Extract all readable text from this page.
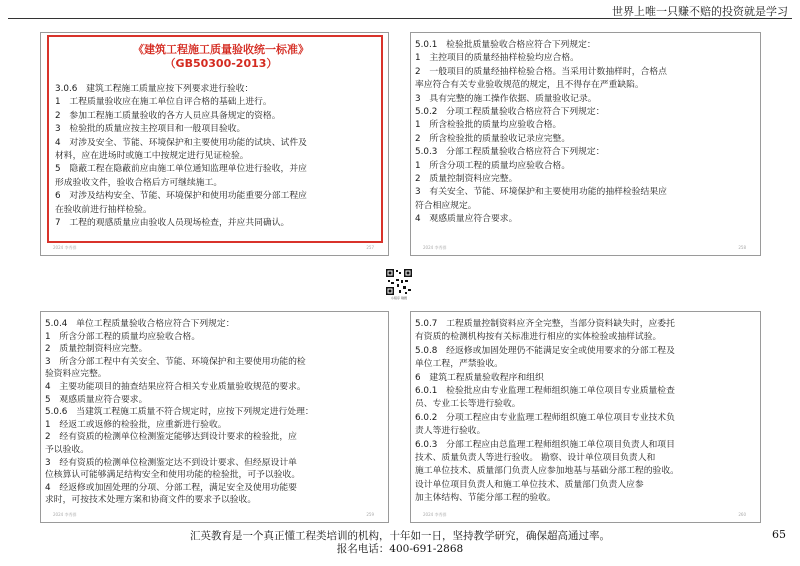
世界上唯一只赚不赔的投资就是学习
《建筑工程施工质量验收统一标准》
（GB50300-2013）

3.0.6　建筑工程施工质量应按下列要求进行验收：

1　工程质量验收应在施工单位自评合格的基础上进行。

2　参加工程施工质量验收的各方人员应具备规定的资格。

3　检验批的质量应按主控项目和一般项目验收。

4　对涉及安全、节能、环境保护和主要使用功能的试块、试件及

材料，应在进场时或施工中按规定进行见证检验。

5　隐蔽工程在隐蔽前应由施工单位通知监理单位进行验收，并应

形成验收文件，验收合格后方可继续施工。

6　对涉及结构安全、节能、环境保护和使用功能重要分部工程应

在验收前进行抽样检验。

7　工程的观感质量应由验收人员现场检查，并应共同确认。

2024 李秀群	257

5.0.1　检验批质量验收合格应符合下列规定：

1　主控项目的质量经抽样检验均应合格。

2　一般项目的质量经抽样检验合格。当采用计数抽样时，合格点

率应符合有关专业验收规范的规定，且不得存在严重缺陷。

3　具有完整的施工操作依据、质量验收记录。

5.0.2　分项工程质量验收合格应符合下列规定：

1　所含检验批的质量均应验收合格。

2　所含检验批的质量验收记录应完整。

5.0.3　分部工程质量验收合格应符合下列规定：

1　所含分项工程的质量均应验收合格。

2　质量控制资料应完整。

3　有关安全、节能、环境保护和主要使用功能的抽样检验结果应

符合相应规定。

4　观感质量应符合要求。

2024 李秀群	258
小程序 刷题

5.0.4　单位工程质量验收合格应符合下列规定：

1　所含分部工程的质量均应验收合格。

2　质量控制资料应完整。

3　所含分部工程中有关安全、节能、环境保护和主要使用功能的检

验资料应完整。

4　主要功能项目的抽查结果应符合相关专业质量验收规范的要求。

5　观感质量应符合要求。

5.0.6　当建筑工程施工质量不符合规定时，应按下列规定进行处理：

1　经返工或返修的检验批，应重新进行验收。

2　经有资质的检测单位检测鉴定能够达到设计要求的检验批，应

予以验收。

3　经有资质的检测单位检测鉴定达不到设计要求、但经原设计单

位核算认可能够满足结构安全和使用功能的检验批，可予以验收。

4　经返修或加固处理的分项、分部工程，满足安全及使用功能要

求时，可按技术处理方案和协商文件的要求予以验收。

2024 李秀群	259

5.0.7　工程质量控制资料应齐全完整，当部分资料缺失时，应委托

有资质的检测机构按有关标准进行相应的实体检验或抽样试验。

5.0.8　经返修或加固处理仍不能满足安全或使用要求的分部工程及

单位工程，严禁验收。

6　建筑工程质量验收程序和组织

6.0.1　检验批应由专业监理工程师组织施工单位项目专业质量检查

员、专业工长等进行验收。

6.0.2　分项工程应由专业监理工程师组织施工单位项目专业技术负

责人等进行验收。

6.0.3　分部工程应由总监理工程师组织施工单位项目负责人和项目

技术、质量负责人等进行验收。 勘察、设计单位项目负责人和

施工单位技术、质量部门负责人应参加地基与基础分部工程的验收。

设计单位项目负责人和施工单位技术、质量部门负责人应参

加主体结构、节能分部工程的验收。

2024 李秀群	260
汇英教育是一个真正懂工程类培训的机构，十年如一日，坚持教学研究，确保超高通过率。
报名电话：400-691-2868
65
